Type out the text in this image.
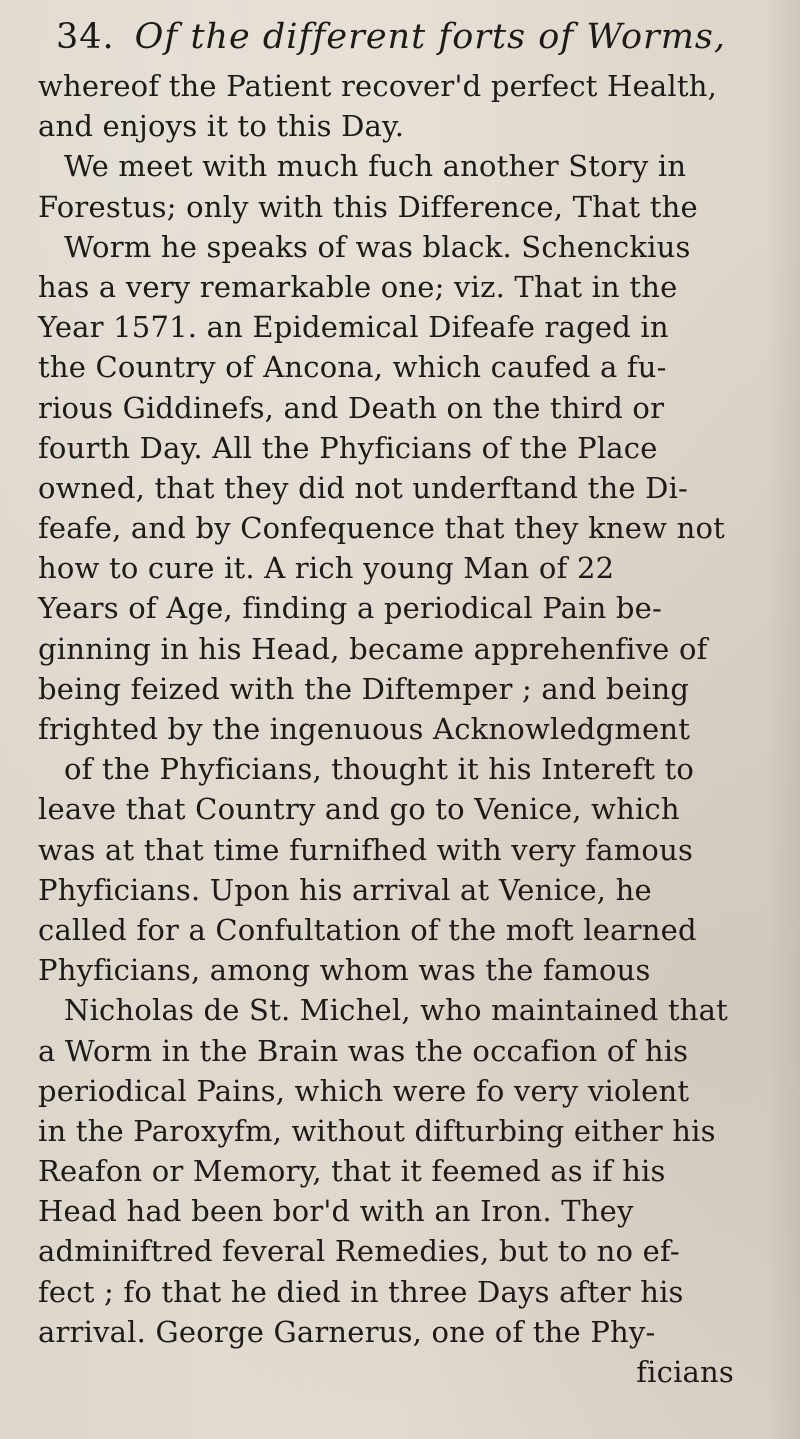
34. Of the different forts of Worms,
whereof the Patient recover'd perfect Health,
and enjoys it to this Day.
We meet with much fuch another Story in
Forestus; only with this Difference, That the
Worm he speaks of was black. Schenckius
has a very remarkable one; viz. That in the
Year 1571. an Epidemical Difeafe raged in
the Country of Ancona, which caufed a fu-
rious Giddinefs, and Death on the third or
fourth Day. All the Phyficians of the Place
owned, that they did not underftand the Di-
feafe, and by Confequence that they knew not
how to cure it. A rich young Man of 22
Years of Age, finding a periodical Pain be-
ginning in his Head, became apprehenfive of
being feized with the Diftemper ; and being
frighted by the ingenuous Acknowledgment
of the Phyficians, thought it his Intereft to
leave that Country and go to Venice, which
was at that time furnifhed with very famous
Phyficians. Upon his arrival at Venice, he
called for a Confultation of the moft learned
Phyficians, among whom was the famous
Nicholas de St. Michel, who maintained that
a Worm in the Brain was the occafion of his
periodical Pains, which were fo very violent
in the Paroxyfm, without difturbing either his
Reafon or Memory, that it feemed as if his
Head had been bor'd with an Iron. They
adminiftred feveral Remedies, but to no ef-
fect ; fo that he died in three Days after his
arrival. George Garnerus, one of the Phy-
ficians
